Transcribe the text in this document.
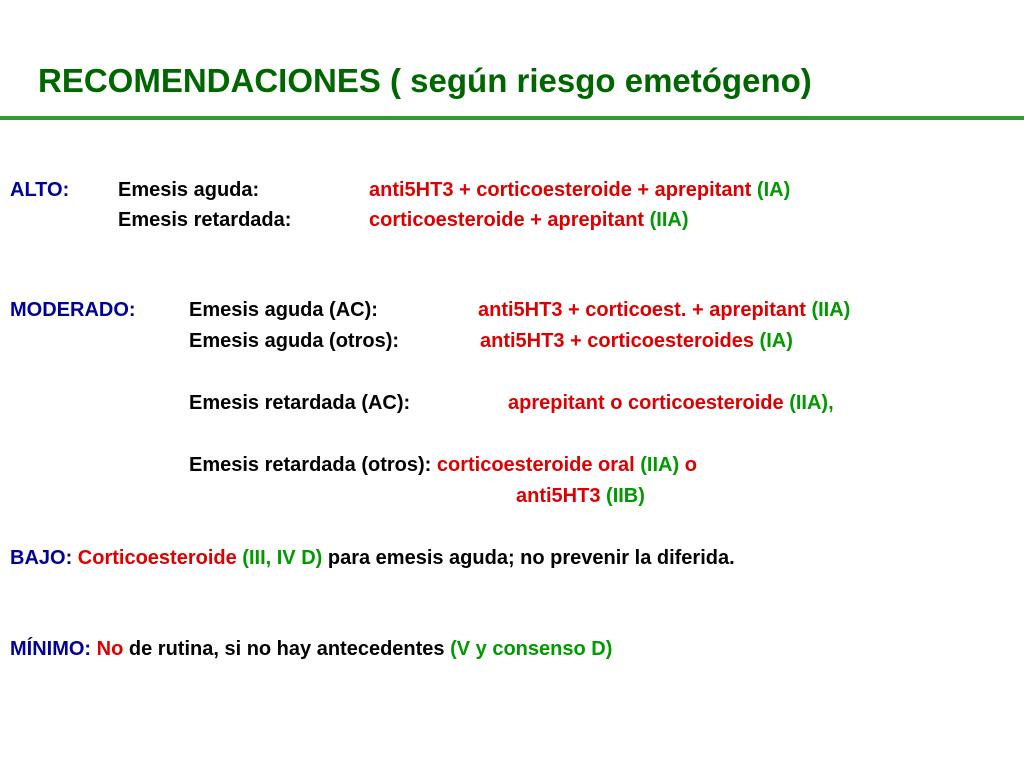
RECOMENDACIONES ( según riesgo emetógeno)
ALTO: Emesis aguda:	anti5HT3 + corticoesteroide + aprepitant (IA)
Emesis retardada:	corticoesteroide + aprepitant (IIA)
MODERADO:	Emesis aguda (AC):	anti5HT3 + corticoest. + aprepitant (IIA)
Emesis aguda (otros):	anti5HT3 + corticoesteroides (IA)
Emesis retardada (AC):	aprepitant o corticoesteroide (IIA),
Emesis retardada (otros): corticoesteroide oral (IIA) o
anti5HT3 (IIB)
BAJO: Corticoesteroide (III, IV D) para emesis aguda; no prevenir la diferida.
MÍNIMO: No de rutina, si no hay antecedentes (V y consenso D)
